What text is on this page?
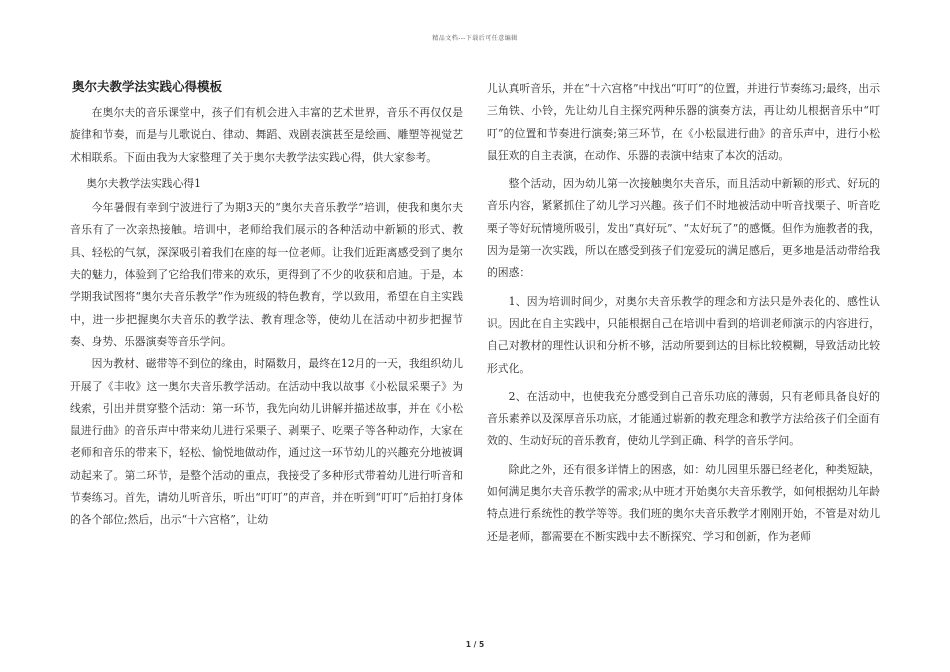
精品文档---下载后可任意编辑
奥尔夫教学法实践心得模板

在奥尔夫的音乐课堂中，孩子们有机会进入丰富的艺术世界，音乐不再仅仅是旋律和节奏，而是与儿歌说白、律动、舞蹈、戏剧表演甚至是绘画、雕塑等视觉艺术相联系。下面由我为大家整理了关于奥尔夫教学法实践心得，供大家参考。

奥尔夫教学法实践心得1

今年暑假有幸到宁波进行了为期3天的“奥尔夫音乐教学”培训，使我和奥尔夫音乐有了一次亲热接触。培训中，老师给我们展示的各种活动中新颖的形式、教具、轻松的气氛，深深吸引着我们在座的每一位老师。让我们近距离感受到了奥尔夫的魅力，体验到了它给我们带来的欢乐，更得到了不少的收获和启迪。于是，本学期我试图将“奥尔夫音乐教学”作为班级的特色教育，学以致用，希望在自主实践中，进一步把握奥尔夫音乐的教学法、教育理念等，使幼儿在活动中初步把握节奏、身势、乐器演奏等音乐学问。

因为教材、磁带等不到位的缘由，时隔数月，最终在12月的一天，我组织幼儿开展了《丰收》这一奥尔夫音乐教学活动。在活动中我以故事《小松鼠采栗子》为线索，引出并贯穿整个活动：第一环节，我先向幼儿讲解并描述故事，并在《小松鼠进行曲》的音乐声中带来幼儿进行采栗子、剥栗子、吃栗子等各种动作，大家在老师和音乐的带来下，轻松、愉悦地做动作，通过这一环节幼儿的兴趣充分地被调动起来了。第二环节，是整个活动的重点，我接受了多种形式带着幼儿进行听音和节奏练习。首先，请幼儿听音乐，听出“叮叮”的声音，并在听到“叮叮”后拍打身体的各个部位;然后，出示“十六宫格”，让幼

儿认真听音乐，并在“十六宫格”中找出“叮叮”的位置，并进行节奏练习;最终，出示三角铁、小铃，先让幼儿自主探究两种乐器的演奏方法，再让幼儿根据音乐中“叮叮”的位置和节奏进行演奏;第三环节，在《小松鼠进行曲》的音乐声中，进行小松鼠狂欢的自主表演，在动作、乐器的表演中结束了本次的活动。

整个活动，因为幼儿第一次接触奥尔夫音乐，而且活动中新颖的形式、好玩的音乐内容，紧紧抓住了幼儿学习兴趣。孩子们不时地被活动中听音找栗子、听音吃栗子等好玩情境所吸引，发出“真好玩”、“太好玩了”的感慨。但作为施教者的我，因为是第一次实践，所以在感受到孩子们宠爱玩的满足感后，更多地是活动带给我的困惑：

1、因为培训时间少，对奥尔夫音乐教学的理念和方法只是外表化的、感性认识。因此在自主实践中，只能根据自己在培训中看到的培训老师演示的内容进行，自己对教材的理性认识和分析不够，活动所要到达的目标比较模糊，导致活动比较形式化。

2、在活动中，也使我充分感受到自己音乐功底的薄弱，只有老师具备良好的音乐素养以及深厚音乐功底，才能通过崭新的教充理念和教学方法给孩子们全面有效的、生动好玩的音乐教育，使幼儿学到正确、科学的音乐学问。

除此之外，还有很多详情上的困惑，如：幼儿园里乐器已经老化，种类短缺，如何满足奥尔夫音乐教学的需求;从中班才开始奥尔夫音乐教学，如何根据幼儿年龄特点进行系统性的教学等等。我们班的奥尔夫音乐教学才刚刚开始，不管是对幼儿还是老师，都需要在不断实践中去不断探究、学习和创新，作为老师

1 / 5
